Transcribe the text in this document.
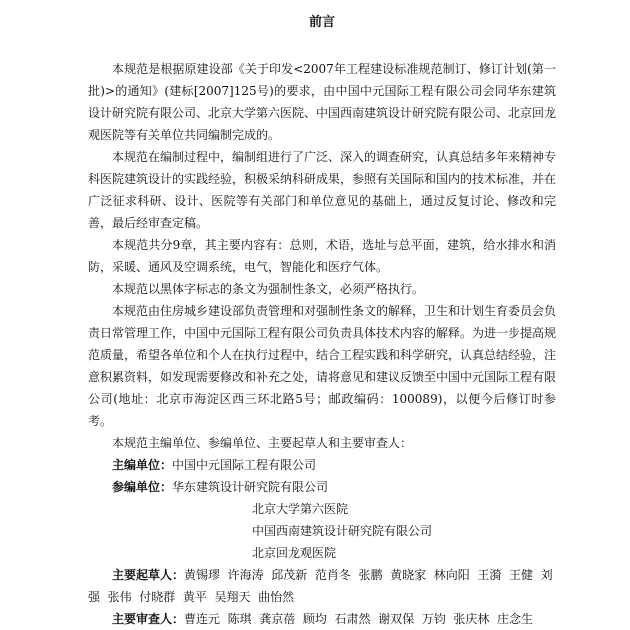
前言

本规范是根据原建设部《关于印发<2007年工程建设标准规范制订、修订计划(第一批)>的通知》(建标[2007]125号)的要求，由中国中元国际工程有限公司会同华东建筑设计研究院有限公司、北京大学第六医院、中国西南建筑设计研究院有限公司、北京回龙观医院等有关单位共同编制完成的。

本规范在编制过程中，编制组进行了广泛、深入的调查研究，认真总结多年来精神专科医院建筑设计的实践经验，积极采纳科研成果，参照有关国际和国内的技术标准，并在广泛征求科研、设计、医院等有关部门和单位意见的基础上，通过反复讨论、修改和完善，最后经审查定稿。

本规范共分9章，其主要内容有：总则，术语，选址与总平面，建筑，给水排水和消防，采暖、通风及空调系统，电气，智能化和医疗气体。

本规范以黑体字标志的条文为强制性条文，必须严格执行。

本规范由住房城乡建设部负责管理和对强制性条文的解释，卫生和计划生育委员会负责日常管理工作，中国中元国际工程有限公司负责具体技术内容的解释。为进一步提高规范质量，希望各单位和个人在执行过程中，结合工程实践和科学研究，认真总结经验，注意积累资料，如发现需要修改和补充之处，请将意见和建议反馈至中国中元国际工程有限公司(地址：北京市海淀区西三环北路5号；邮政编码：100089)，以便今后修订时参考。

本规范主编单位、参编单位、主要起草人和主要审查人：

主编单位：中国中元国际工程有限公司

参编单位：华东建筑设计研究院有限公司

北京大学第六医院

中国西南建筑设计研究院有限公司

北京回龙观医院

主要起草人：黄锡璆  许海涛  邱茂新  范肖冬  张鹏  黄晓家  林向阳  王漪  王健  刘强  张伟  付晓群  黄平  吴翔天  曲怡然

主要审查人：曹连元  陈琪  龚京蓓  顾均  石肃然  谢双保  万钧  张庆林  庄念生
